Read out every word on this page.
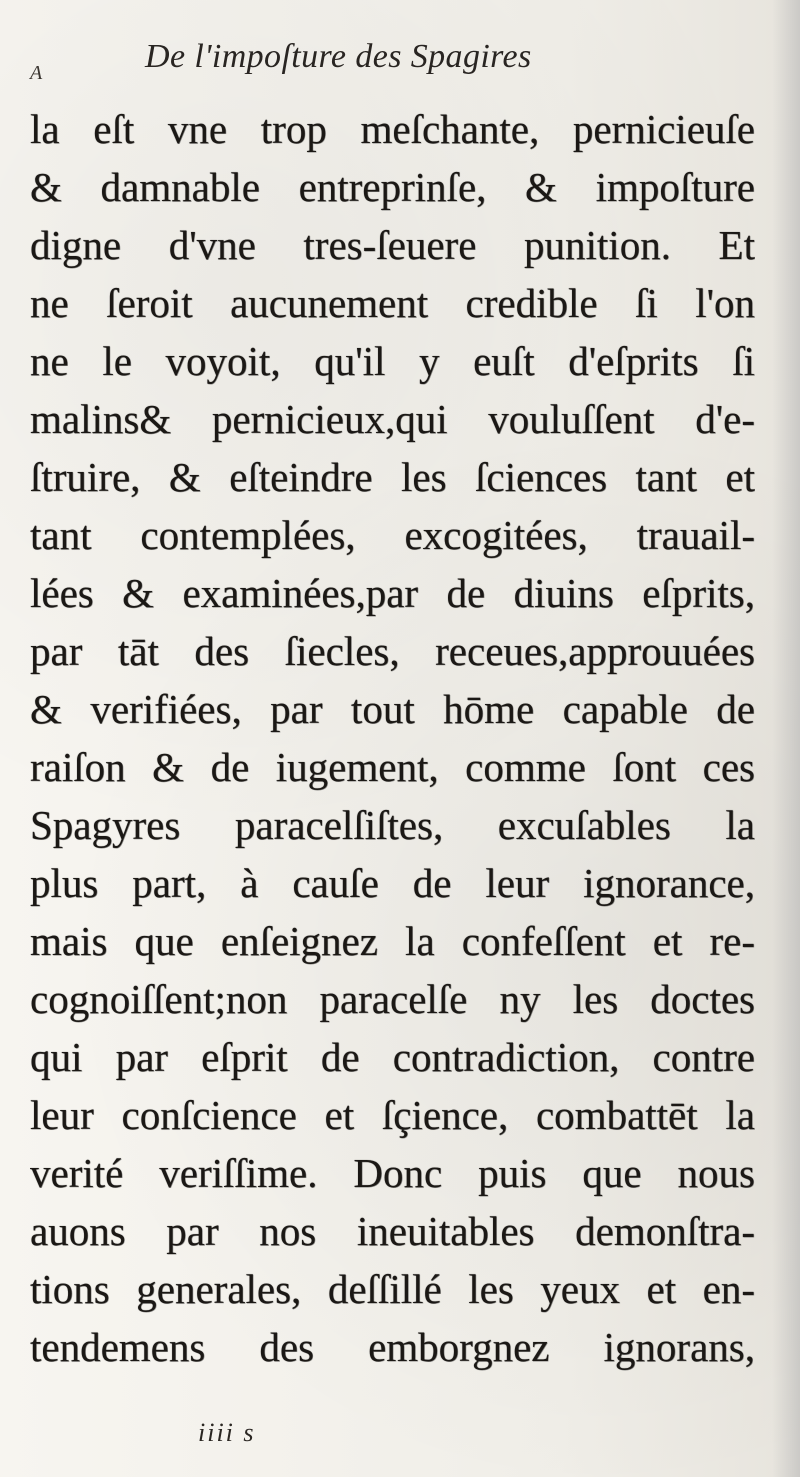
A	De l'impoſture des Spagires
la eſt vne trop meſchante, pernicieuſe
& damnable entreprinſe, & impoſture
digne d'vne tres-ſeuere punition. Et
ne ſeroit aucunement credible ſi l'on
ne le voyoit, qu'il y euſt d'eſprits ſi
malins& pernicieux,qui vouluſſent d'e-
ſtruire, & eſteindre les ſciences tant et
tant contemplées, excogitées, trauail-
lées & examinées,par de diuins eſprits,
par tāt des ſiecles, receues,approuuées
& verifiées, par tout hōme capable de
raiſon & de iugement, comme ſont ces
Spagyres paracelſiſtes, excuſables la
plus part, à cauſe de leur ignorance,
mais que enſeignez la confeſſent et re-
cognoiſſent;non paracelſe ny les doctes
qui par eſprit de contradiction, contre
leur conſcience et ſçience, combattēt la
verité veriſſime. Donc puis que nous
auons par nos ineuitables demonſtra-
tions generales, deſſillé les yeux et en-
tendemens des emborgnez ignorans,
iiii s
